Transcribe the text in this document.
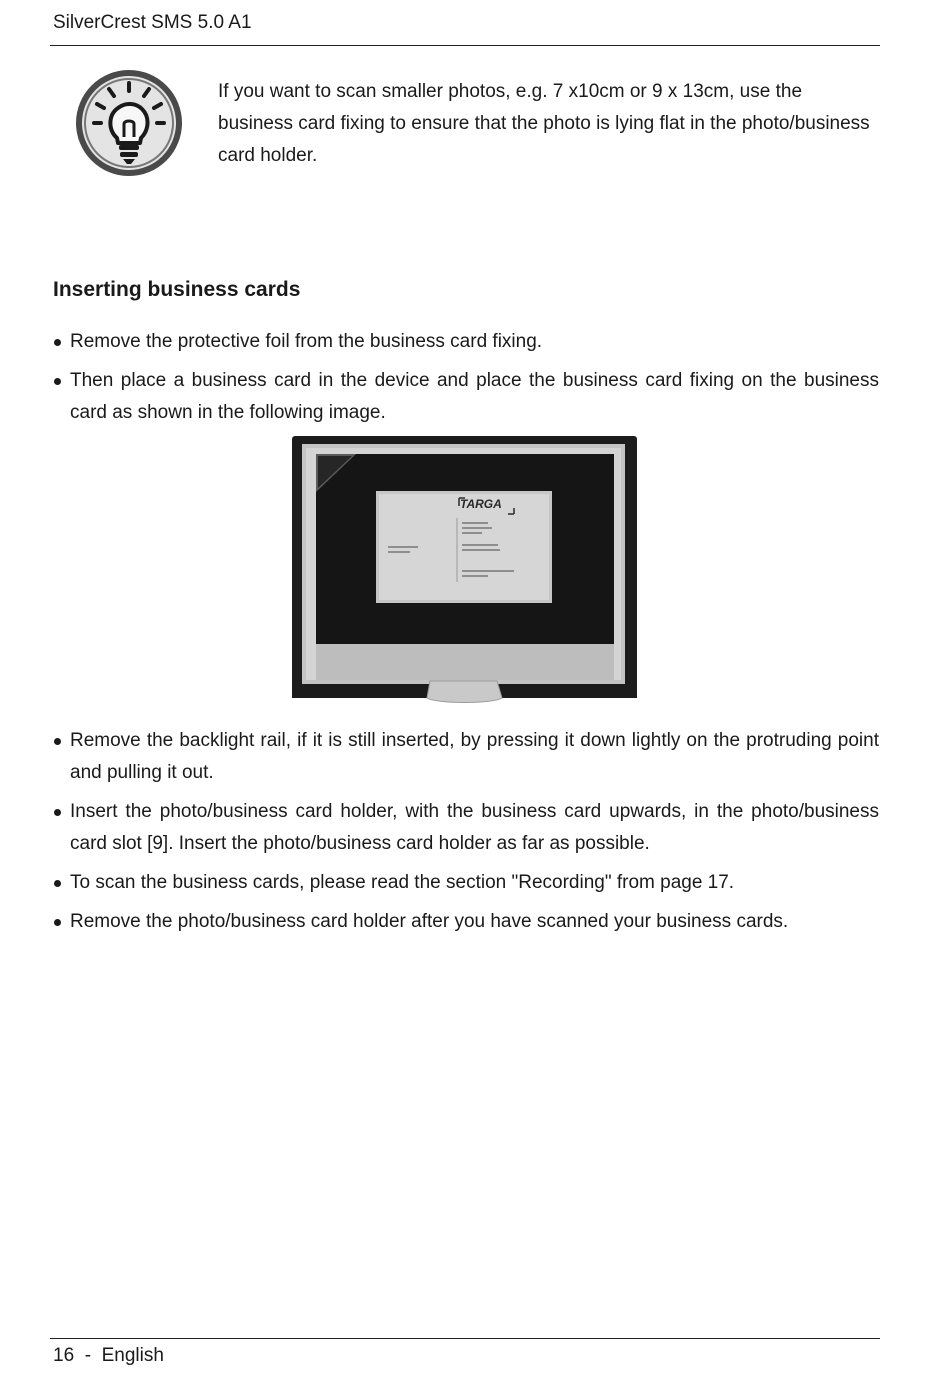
SilverCrest SMS 5.0 A1
If you want to scan smaller photos, e.g. 7 x10cm or 9 x 13cm, use the business card fixing to ensure that the photo is lying flat in the photo/business card holder.
Inserting business cards
Remove the protective foil from the business card fixing.
Then place a business card in the device and place the business card fixing on the business card as shown in the following image.
TARGA
Remove the backlight rail, if it is still inserted, by pressing it down lightly on the protruding point and pulling it out.
Insert the photo/business card holder, with the business card upwards, in the photo/business card slot [9]. Insert the photo/business card holder as far as possible.
To scan the business cards, please read the section "Recording" from page 17.
Remove the photo/business card holder after you have scanned your business cards.
16 - English
